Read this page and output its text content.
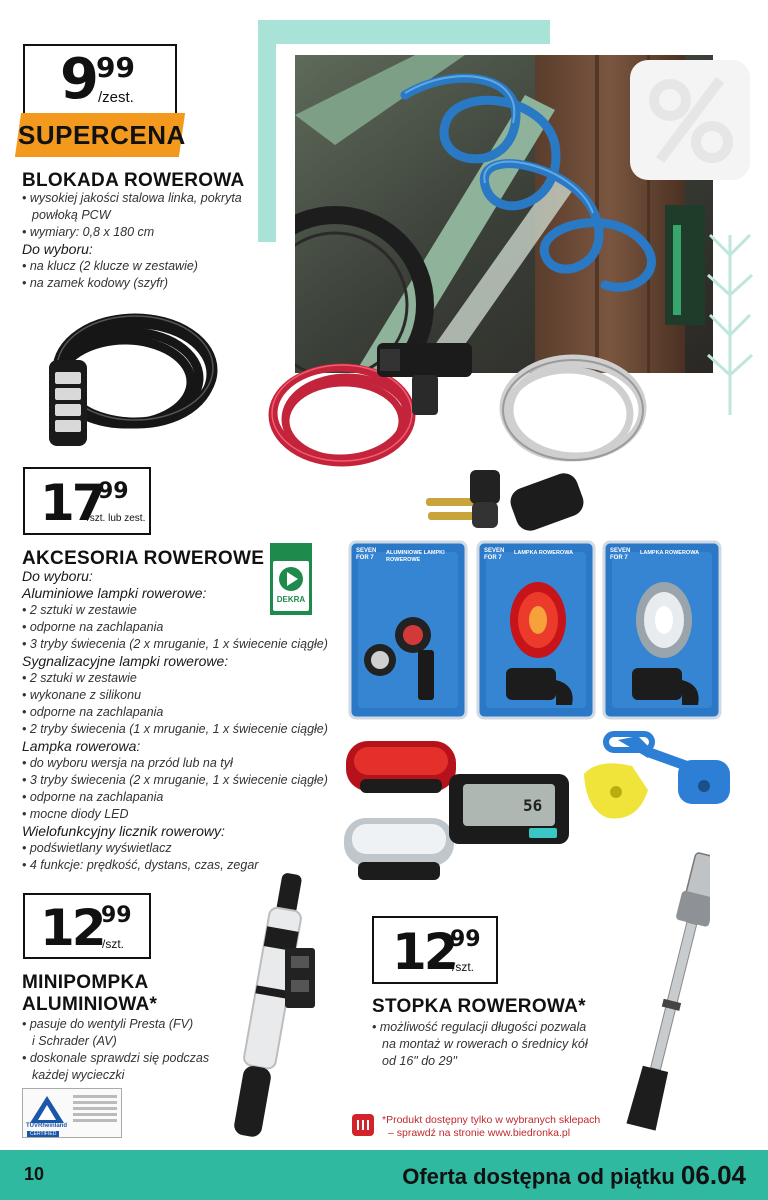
9 99
/zest.
SUPERCENA
BLOKADA ROWEROWA
• wysokiej jakości stalowa linka, pokryta
powłoką PCW
• wymiary: 0,8 x 180 cm
Do wyboru:
• na klucz (2 klucze w zestawie)
• na zamek kodowy (szyfr)
17
99
/szt. lub zest.
DEKRA
AKCESORIA ROWEROWE
Do wyboru:
Aluminiowe lampki rowerowe:
• 2 sztuki w zestawie
• odporne na zachlapania
• 3 tryby świecenia (2 x mruganie, 1 x świecenie ciągłe)
Sygnalizacyjne lampki rowerowe:
• 2 sztuki w zestawie
• wykonane z silikonu
• odporne na zachlapania
• 2 tryby świecenia (1 x mruganie, 1 x świecenie ciągłe)
Lampka rowerowa:
• do wyboru wersja na przód lub na tył
• 3 tryby świecenia (2 x mruganie, 1 x świecenie ciągłe)
• odporne na zachlapania
• mocne diody LED
Wielofunkcyjny licznik rowerowy:
• podświetlany wyświetlacz
• 4 funkcje: prędkość, dystans, czas, zegar
SEVEN FOR 7
ALUMINIOWE LAMPKI ROWEROWE
SEVEN FOR 7
LAMPKA ROWEROWA	SEVEN FOR 7
LAMPKA ROWEROWA
56
12
99
/szt.
MINIPOMPKA
ALUMINIOWA*
• pasuje do wentyli Presta (FV)
i Schrader (AV)
• doskonale sprawdzi się podczas
każdej wycieczki
TÜVRheinland
CERTIFIED
12
99
/szt.
STOPKA ROWEROWA*
• możliwość regulacji długości pozwala
na montaż w rowerach o średnicy kół
od 16" do 29"
*Produkt dostępny tylko w wybranych sklepach
– sprawdź na stronie www.biedronka.pl
10	Oferta dostępna od piątku 06.04
